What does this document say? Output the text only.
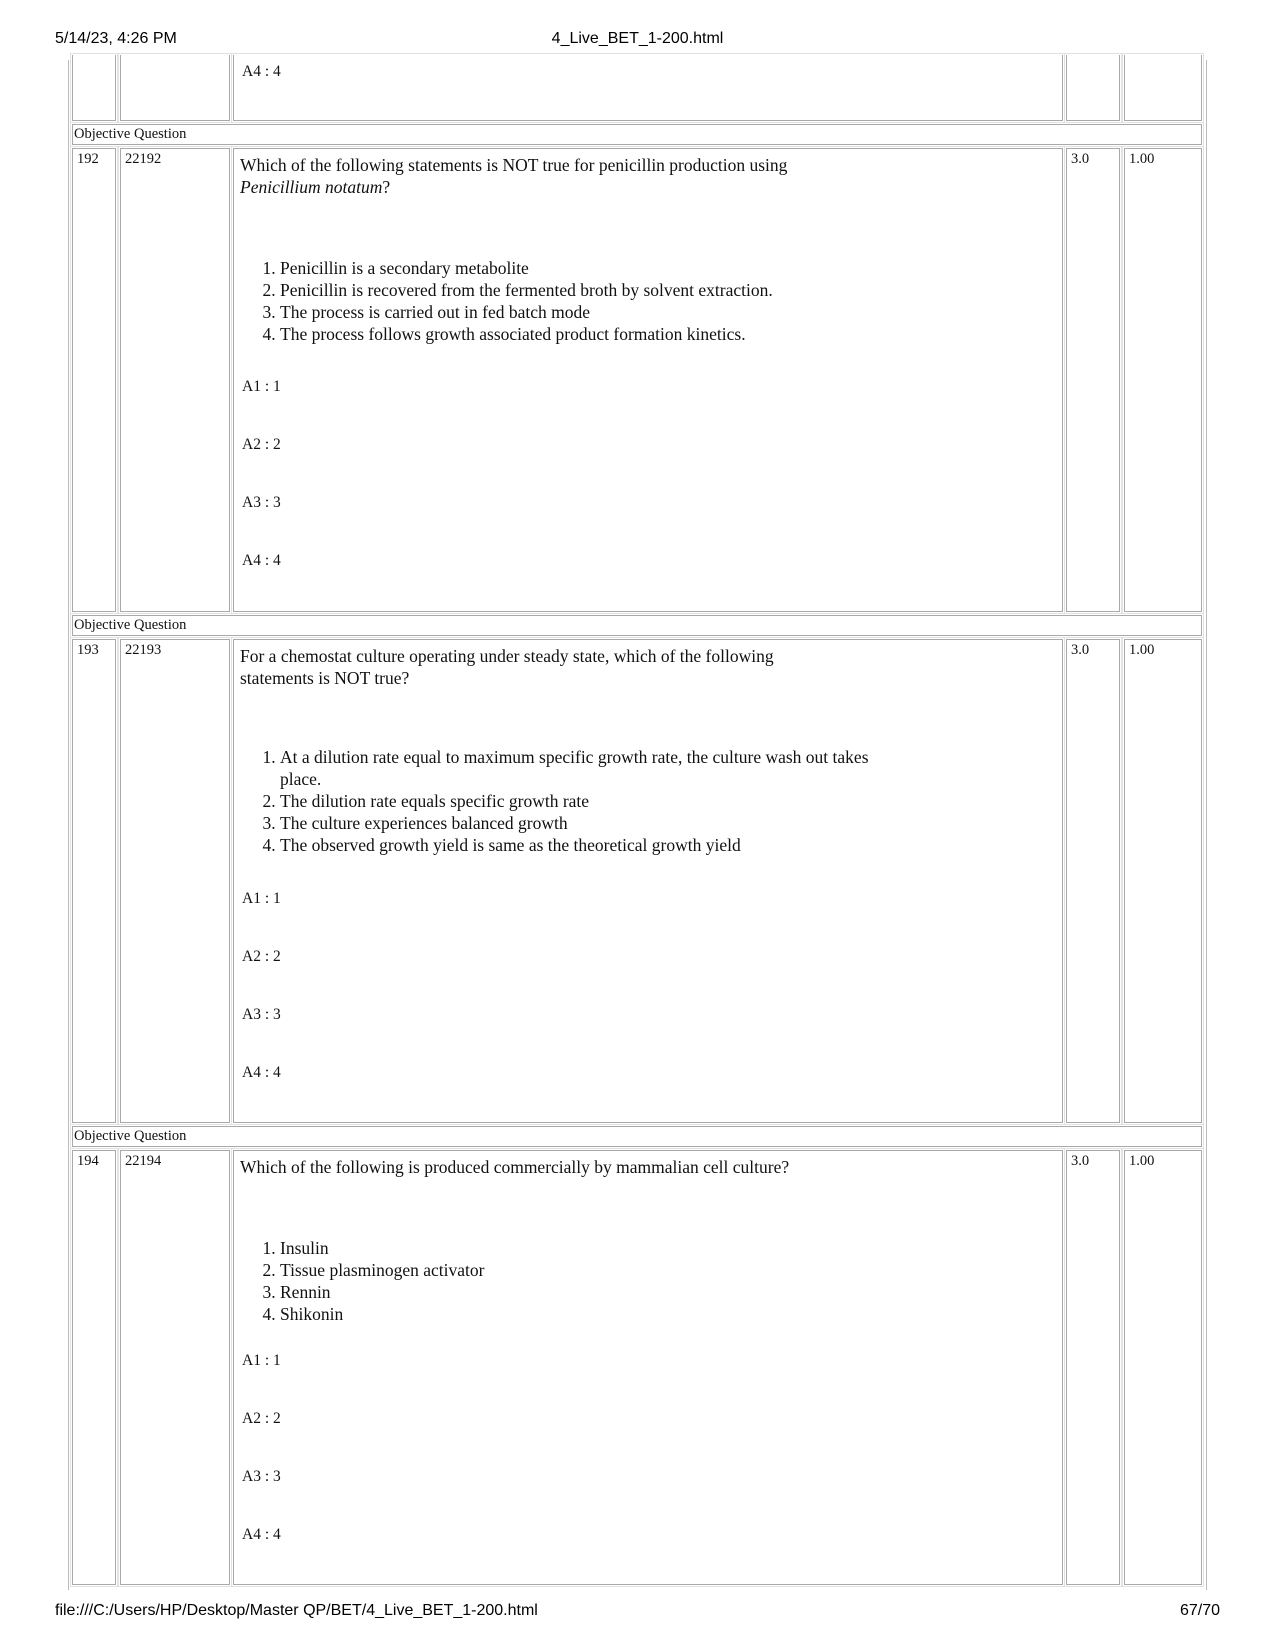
5/14/23, 4:26 PM	4_Live_BET_1-200.html
file:///C:/Users/HP/Desktop/Master QP/BET/4_Live_BET_1-200.html	67/70
A4 : 4
Objective Question
192	22192	Which of the following statements is NOT true for penicillin production using
Penicillium notatum?
1. Penicillin is a secondary metabolite
2. Penicillin is recovered from the fermented broth by solvent extraction.
3. The process is carried out in fed batch mode
4. The process follows growth associated product formation kinetics.
A1 : 1
A2 : 2
A3 : 3
A4 : 4
3.0	1.00
Objective Question
193	22193	For a chemostat culture operating under steady state, which of the following
statements is NOT true?
1. At a dilution rate equal to maximum specific growth rate, the culture wash out takes place.
2. The dilution rate equals specific growth rate
3. The culture experiences balanced growth
4. The observed growth yield is same as the theoretical growth yield
A1 : 1
A2 : 2
A3 : 3
A4 : 4
3.0	1.00
Objective Question
194	22194	Which of the following is produced commercially by mammalian cell culture?
1. Insulin
2. Tissue plasminogen activator
3. Rennin
4. Shikonin
A1 : 1
A2 : 2
A3 : 3
A4 : 4
3.0	1.00
